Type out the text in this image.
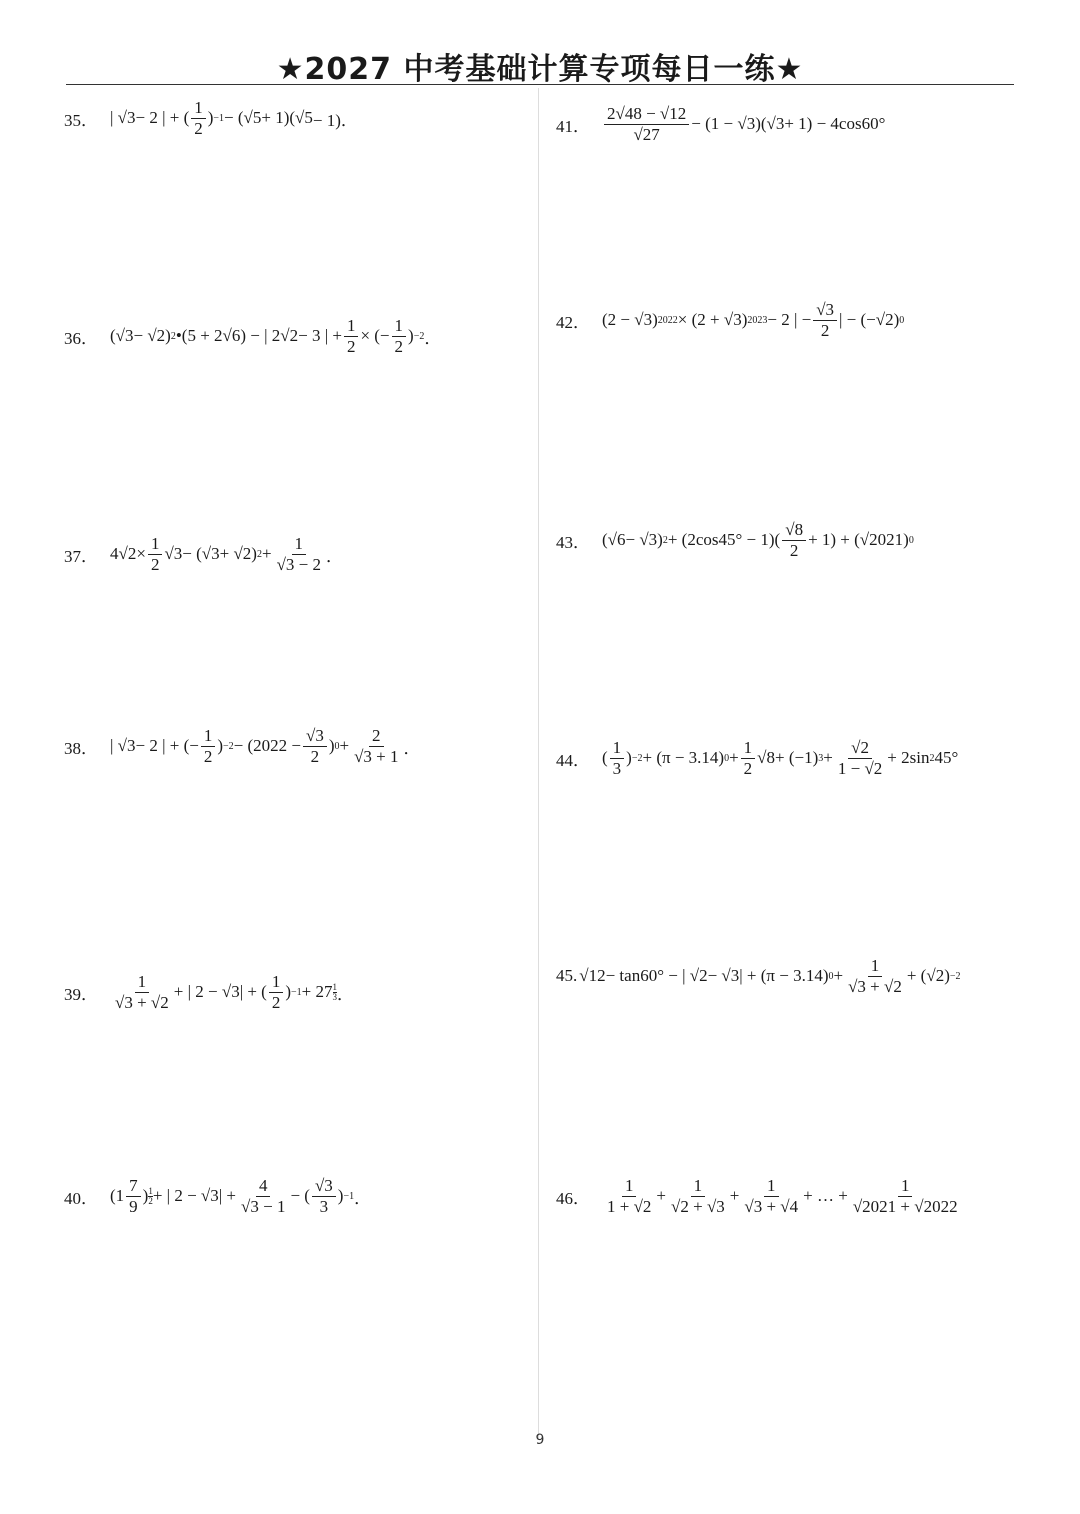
★2027 中考基础计算专项每日一练★
35． | √ 3 − 2 | + (
1
2
) −1 − (√ 5 + 1)(√ 5 − 1)．
36． (√ 3 − √ 2 ) 2 •(5 + 2√ 6 ) − | 2√ 2 − 3 | +
1
2
× (−
1
2
) −2 ．
37． 4√ 2 ×
1
2
√ 3 − (√ 3 + √ 2 ) 2 +
1
√3 − 2 ．
38． | √ 3 − 2 | + (−
1
2
) −2 − (2022 −
√3
2
) 0 +
2
√3 + 1 ．
39．
1
√3 + √2
+ | 2 − √ 3 | + (
1
2
) −1 + 27 1
3 ．
40． (1
7
9
) 1
2 + | 2 − √ 3 | +
4
√3 − 1
− (
√3
3
) −1 ．
41．
2√48 − √12
√27
− (1 − √ 3 )(√ 3 + 1) − 4cos60°
42． (2 − √ 3 ) 2022 × (2 + √ 3 ) 2023 − 2 | −
√3
2
| − (−√ 2 ) 0
43． (√ 6 − √ 3 ) 2 + (2cos45° − 1)(
√8
2
+ 1) + (√ 2021 ) 0
44． (
1
3
) −2 + (π − 3.14) 0 +
1
2
√ 8 + (−1) 3 +
√2
1 − √2
+ 2sin 2 45°
45. √ 12 − tan60° − | √ 2 − √ 3 | + (π − 3.14) 0 +
1
√3 + √2
+ (√ 2 ) −2
46．
1
1 + √2
+
1
√2 + √3
+
1
√3 + √4
+ … +
1
√2021 + √2022
9
